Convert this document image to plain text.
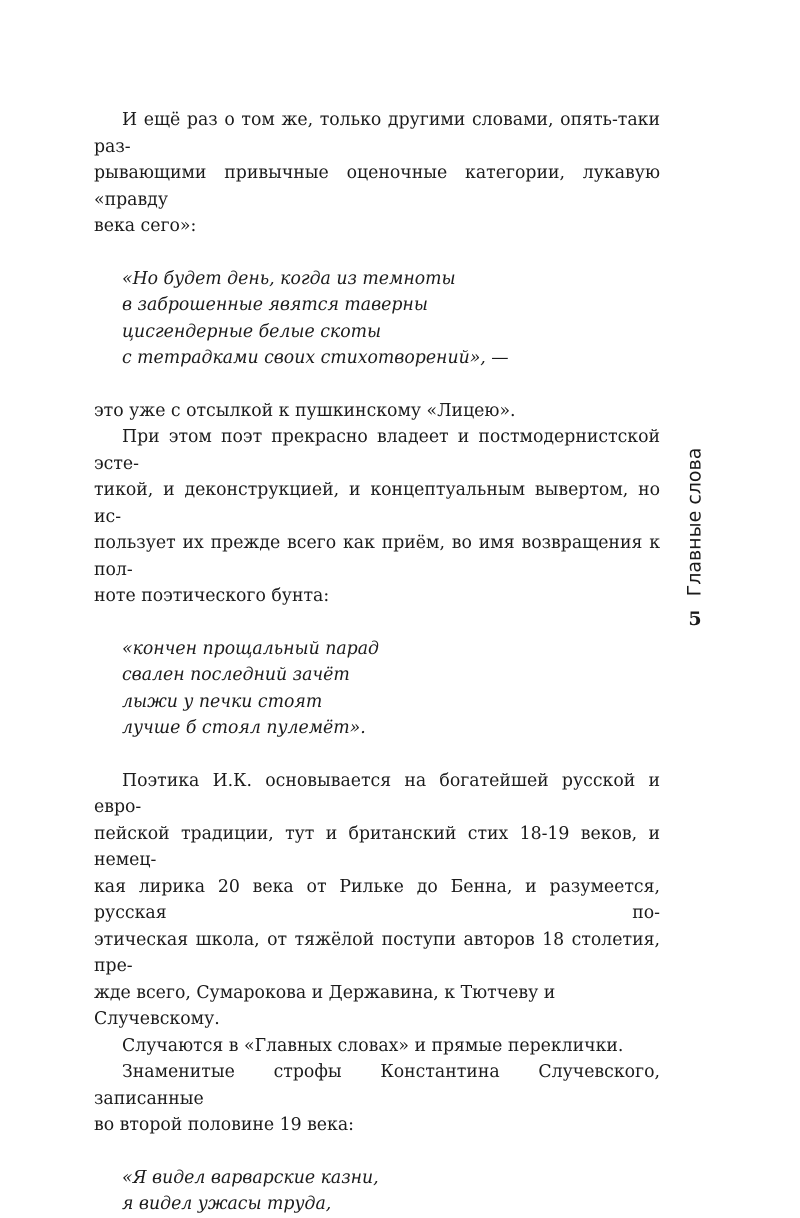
И ещё раз о том же, только другими словами, опять-таки раз-
рывающими привычные оценочные категории, лукавую «правду
века сего»:

«Но будет день, когда из темноты
в заброшенные явятся таверны
цисгендерные белые скоты
с тетрадками своих стихотворений», —

это уже с отсылкой к пушкинскому «Лицею».

При этом поэт прекрасно владеет и постмодернистской эсте-
тикой, и деконструкцией, и концептуальным вывертом, но ис-
пользует их прежде всего как приём, во имя возвращения к пол-
ноте поэтического бунта:

«кончен прощальный парад
свален последний зачёт
лыжи у печки стоят
лучше б стоял пулемёт».

Поэтика И.К. основывается на богатейшей русской и евро-
пейской традиции, тут и британский стих 18-19 веков, и немец-
кая лирика 20 века от Рильке до Бенна, и разумеется, русская по-
этическая школа, от тяжёлой поступи авторов 18 столетия, пре-
жде всего, Сумарокова и Державина, к Тютчеву и Случевскому.

Случаются в «Главных словах» и прямые переклички.

Знаменитые строфы Константина Случевского, записанные
во второй половине 19 века:

«Я видел варварские казни,
я видел ужасы труда,
Главные слова
5
